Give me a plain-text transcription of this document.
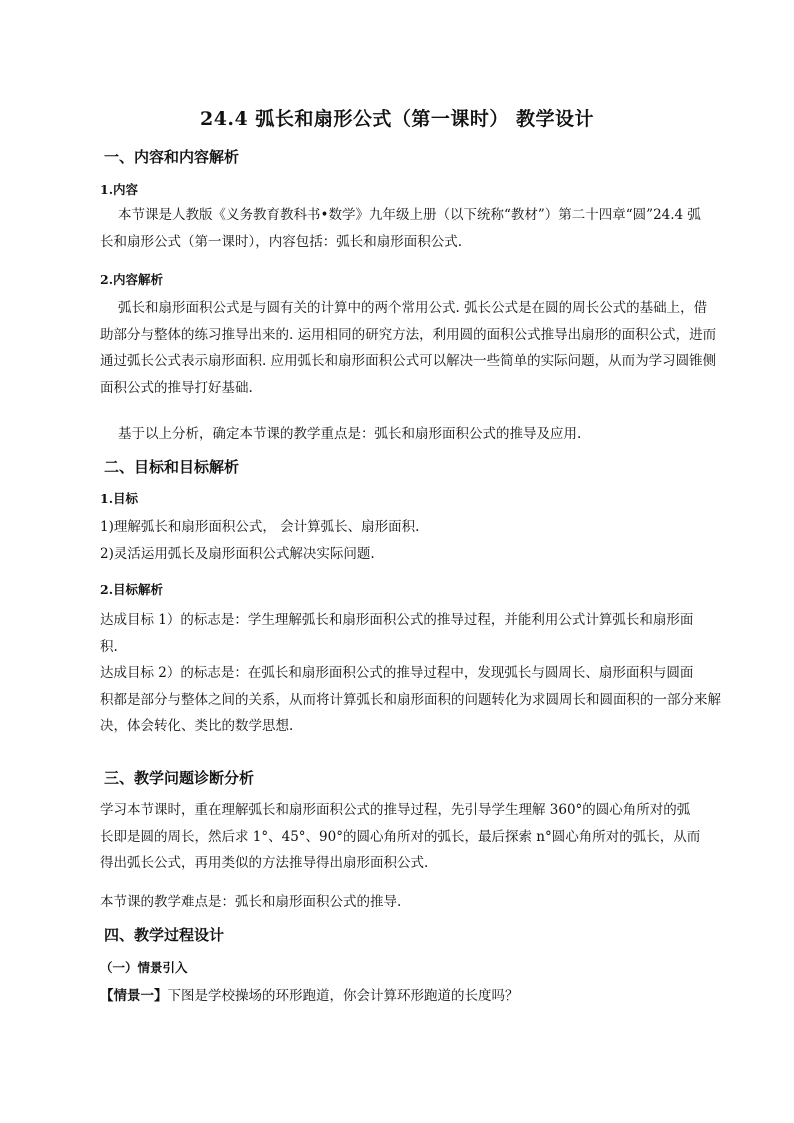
24.4 弧长和扇形公式（第一课时） 教学设计
一、内容和内容解析
1.内容
本节课是人教版《义务教育教科书•数学》九年级上册（以下统称“教材”）第二十四章“圆”24.4 弧
长和扇形公式（第一课时），内容包括：弧长和扇形面积公式.
2.内容解析
弧长和扇形面积公式是与圆有关的计算中的两个常用公式. 弧长公式是在圆的周长公式的基础上，借
助部分与整体的练习推导出来的. 运用相同的研究方法，利用圆的面积公式推导出扇形的面积公式，进而
通过弧长公式表示扇形面积. 应用弧长和扇形面积公式可以解决一些简单的实际问题，从而为学习圆锥侧
面积公式的推导打好基础.
基于以上分析，确定本节课的教学重点是：弧长和扇形面积公式的推导及应用.
二、目标和目标解析
1.目标
1)理解弧长和扇形面积公式， 会计算弧长、扇形面积.
2)灵活运用弧长及扇形面积公式解决实际问题.
2.目标解析
达成目标 1）的标志是：学生理解弧长和扇形面积公式的推导过程，并能利用公式计算弧长和扇形面
积.
达成目标 2）的标志是：在弧长和扇形面积公式的推导过程中，发现弧长与圆周长、扇形面积与圆面
积都是部分与整体之间的关系，从而将计算弧长和扇形面积的问题转化为求圆周长和圆面积的一部分来解
决，体会转化、类比的数学思想.
三、教学问题诊断分析
学习本节课时，重在理解弧长和扇形面积公式的推导过程，先引导学生理解 360°的圆心角所对的弧
长即是圆的周长，然后求 1°、45°、90°的圆心角所对的弧长，最后探索 n°圆心角所对的弧长，从而
得出弧长公式，再用类似的方法推导得出扇形面积公式.
本节课的教学难点是：弧长和扇形面积公式的推导.
四、教学过程设计
（一）情景引入
【情景一】下图是学校操场的环形跑道，你会计算环形跑道的长度吗？
